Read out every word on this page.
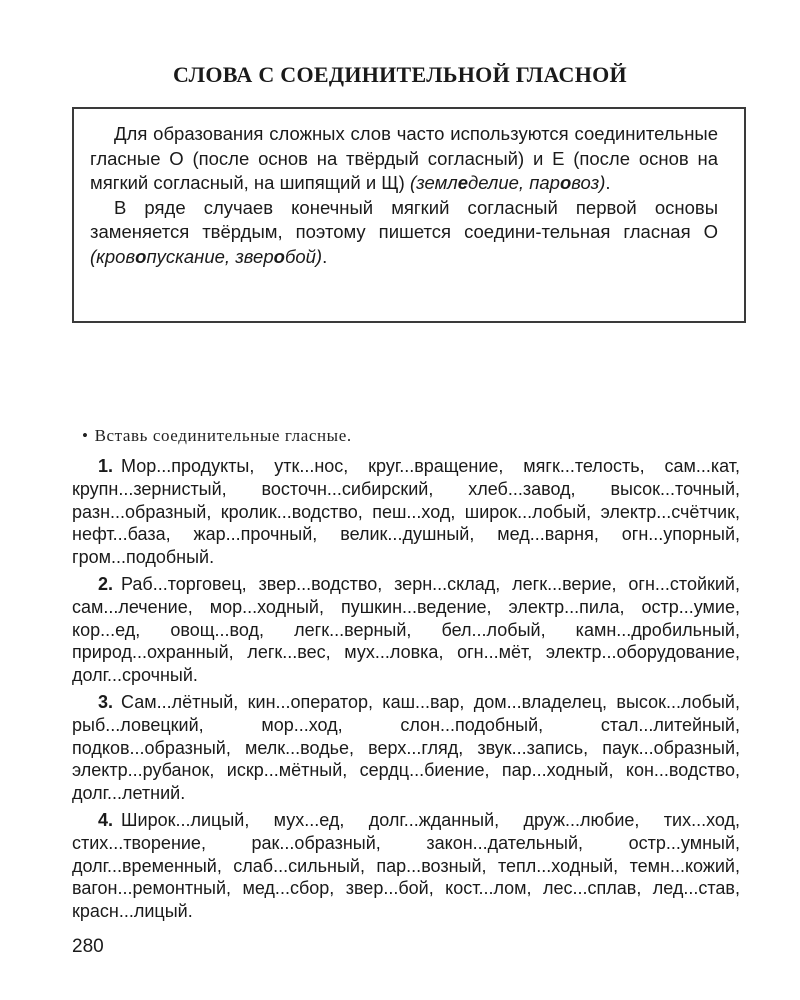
СЛОВА С СОЕДИНИТЕЛЬНОЙ ГЛАСНОЙ

Для образования сложных слов часто используются соединительные гласные О (после основ на твёрдый согласный) и Е (после основ на мягкий согласный, на шипящий и Щ) (земледелие, паровоз).

В ряде случаев конечный мягкий согласный первой основы заменяется твёрдым, поэтому пишется соедини-тельная гласная О (кровопускание, зверобой).

• Вставь соединительные гласные.

1. Мор...продукты, утк...нос, круг...вращение, мягк...телость, сам...кат, крупн...зернистый, восточн...сибирский, хлеб...завод, высок...точный, разн...образный, кролик...водство, пеш...ход, широк...лобый, электр...счётчик, нефт...база, жар...прочный, велик...душный, мед...варня, огн...упорный, гром...подобный.

2. Раб...торговец, звер...водство, зерн...склад, легк...верие, огн...стойкий, сам...лечение, мор...ходный, пушкин...ведение, электр...пила, остр...умие, кор...ед, овощ...вод, легк...верный, бел...лобый, камн...дробильный, природ...охранный, легк...вес, мух...ловка, огн...мёт, электр...оборудование, долг...срочный.

3. Сам...лётный, кин...оператор, каш...вар, дом...владелец, высок...лобый, рыб...ловецкий, мор...ход, слон...подобный, стал...литейный, подков...образный, мелк...водье, верх...гляд, звук...запись, паук...образный, электр...рубанок, искр...мётный, сердц...биение, пар...ходный, кон...водство, долг...летний.

4. Широк...лицый, мух...ед, долг...жданный, друж...любие, тих...ход, стих...творение, рак...образный, закон...дательный, остр...умный, долг...временный, слаб...сильный, пар...возный, тепл...ходный, темн...кожий, вагон...ремонтный, мед...сбор, звер...бой, кост...лом, лес...сплав, лед...став, красн...лицый.

280
